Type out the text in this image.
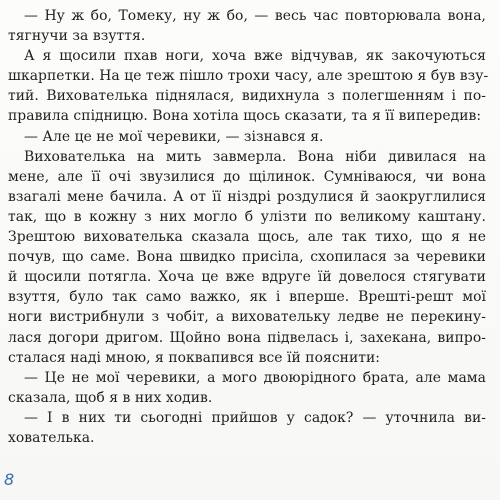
— Ну ж бо, Томеку, ну ж бо, — весь час повторювала вона,
тягнучи за взуття.
А я щосили пхав ноги, хоча вже відчував, як закочуються
шкарпетки. На це теж пішло трохи часу, але зрештою я був взу-
тий. Вихователька піднялася, видихнула з полегшенням і по-
правила спідницю. Вона хотіла щось сказати, та я її випередив:
— Але це не мої черевики, — зізнався я.
Вихователька на мить завмерла. Вона ніби дивилася на
мене, але її очі звузилися до щілинок. Сумніваюся, чи вона
взагалі мене бачила. А от її ніздрі роздулися й заокруглилися
так, що в кожну з них могло б улізти по великому каштану.
Зрештою вихователька сказала щось, але так тихо, що я не
почув, що саме. Вона швидко присіла, схопилася за черевики
й щосили потягла. Хоча це вже вдруге їй довелося стягувати
взуття, було так само важко, як і вперше. Врешті-решт мої
ноги вистрибнули з чобіт, а виховательку ледве не перекину-
лася догори дригом. Щойно вона підвелась і, захекана, випро-
сталася наді мною, я поквапився все їй пояснити:
— Це не мої черевики, а мого двоюрідного брата, але мама
сказала, щоб я в них ходив.
— І в них ти сьогодні прийшов у садок? — уточнила ви-
хователька.
8
